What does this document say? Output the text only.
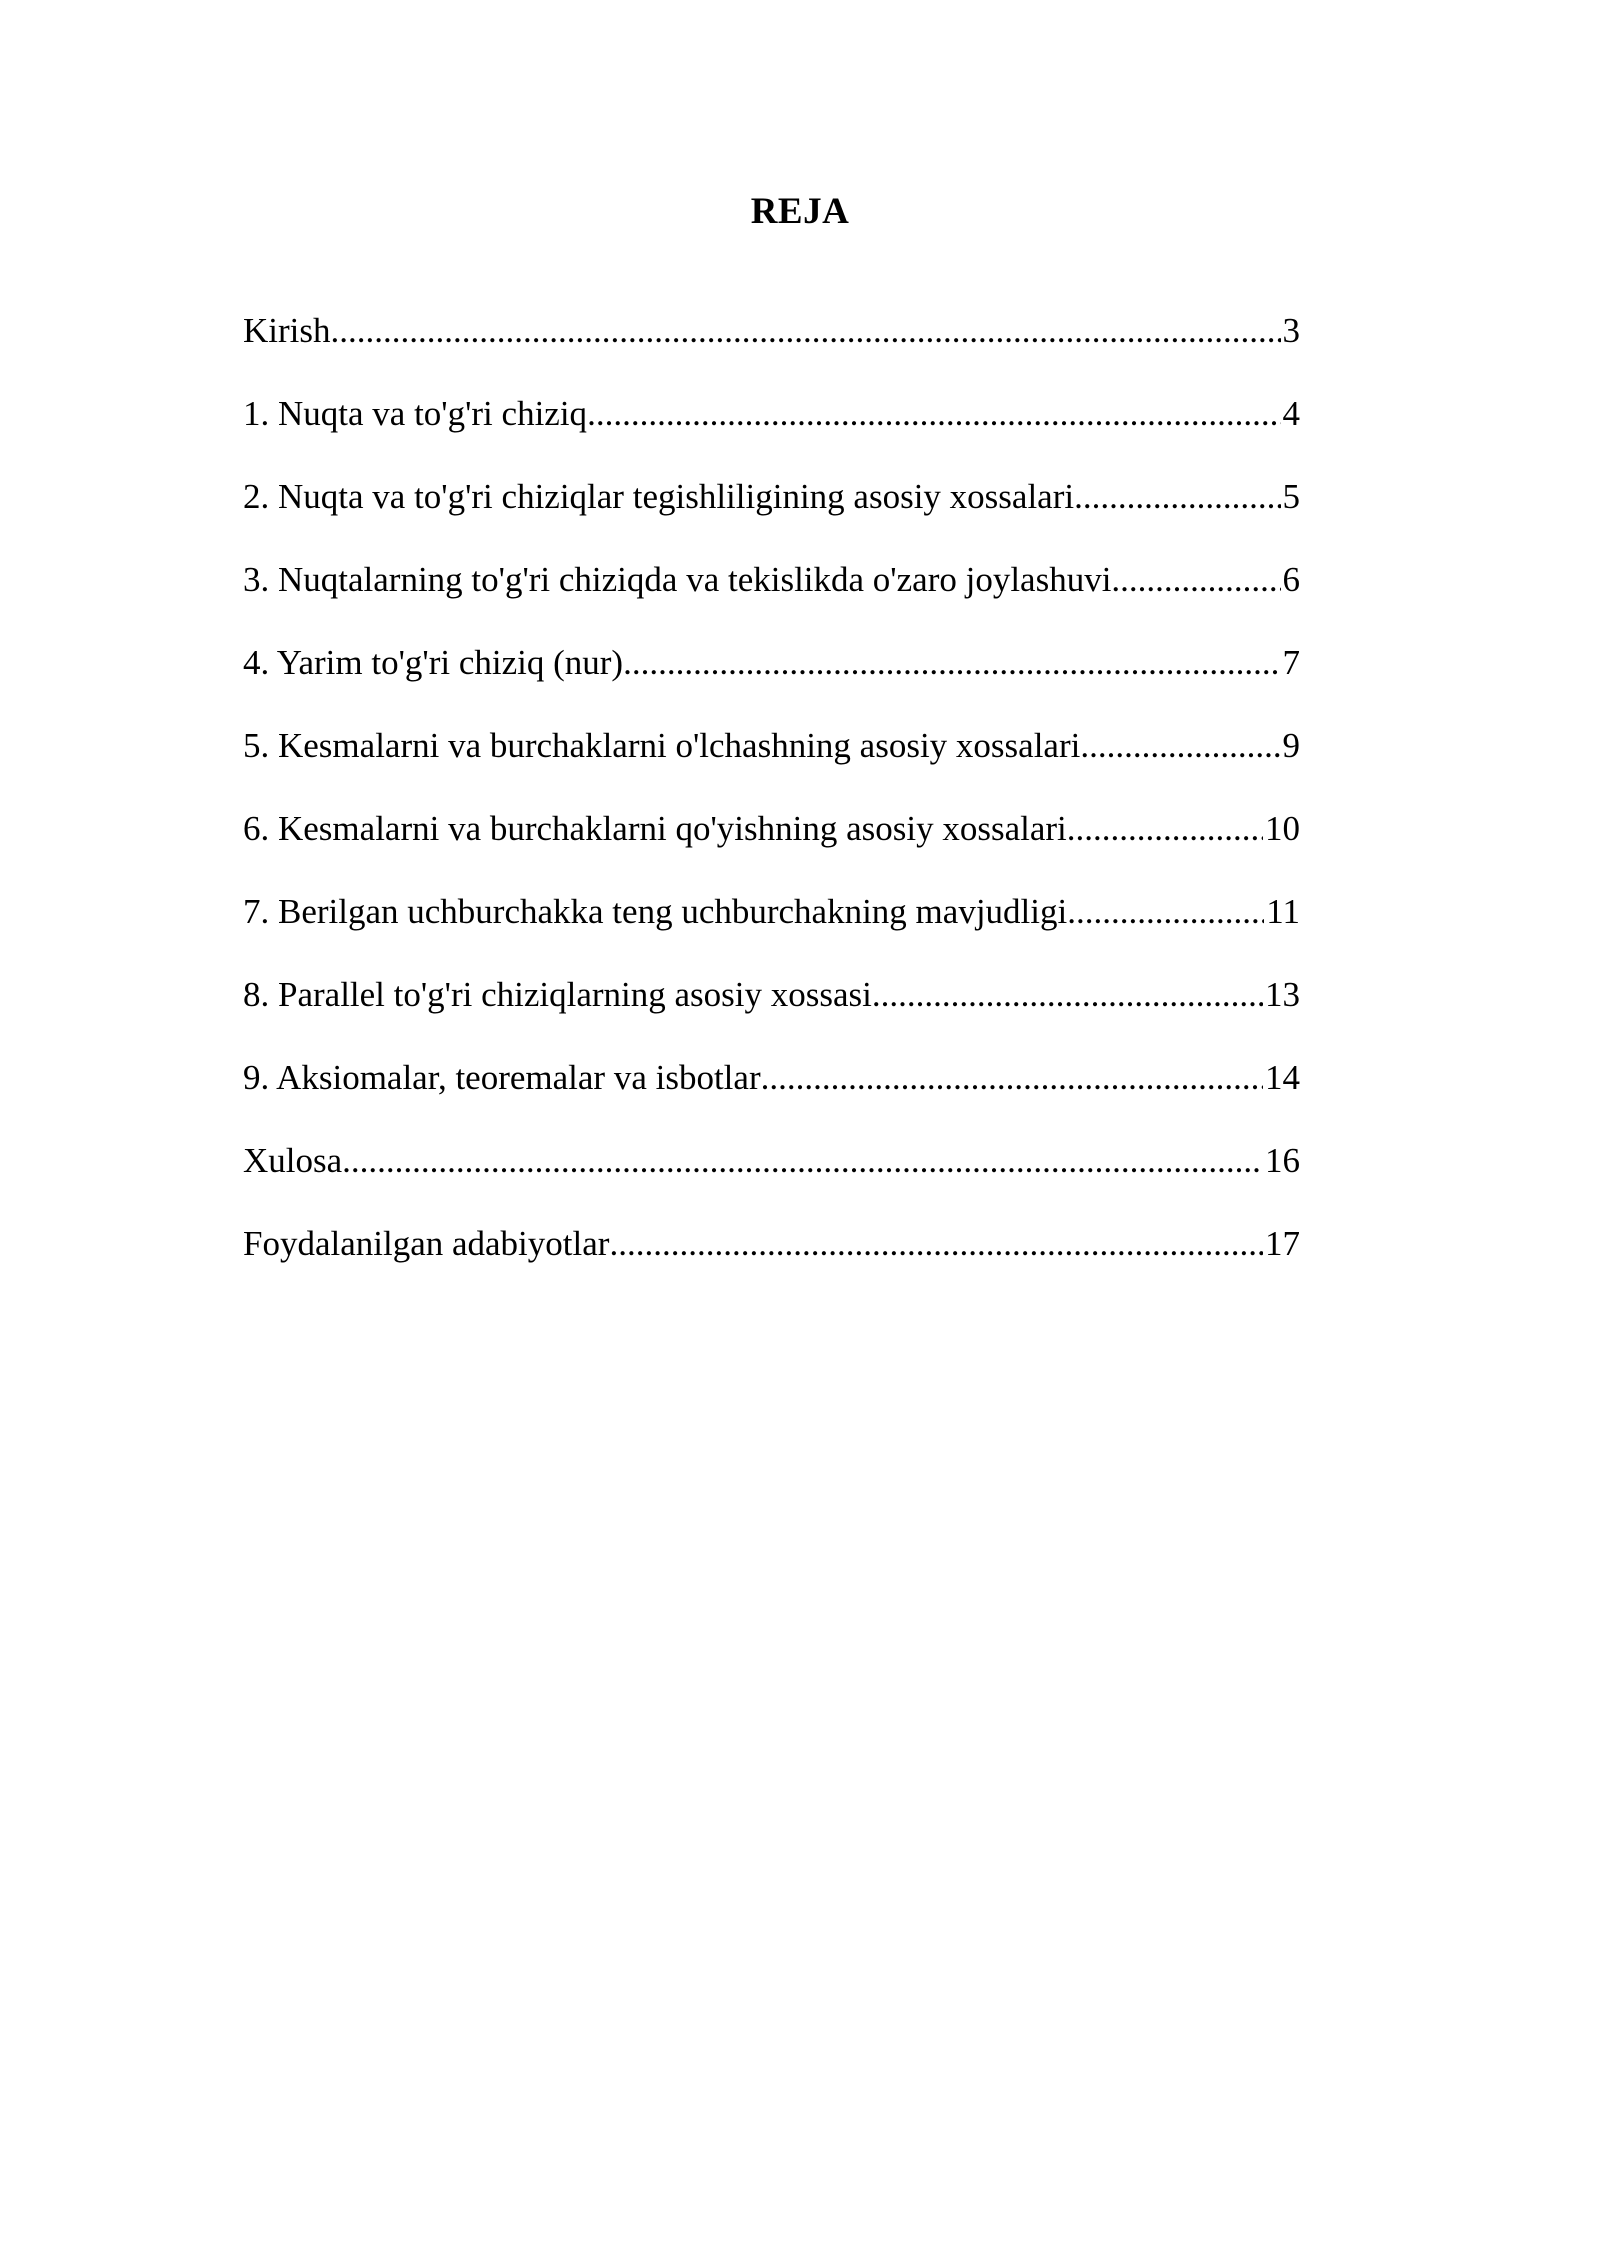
REJA
Kirish .....	3
1. Nuqta va to'g'ri chiziq .....	4
2. Nuqta va to'g'ri chiziqlar tegishliligining asosiy xossalari .....	5
3. Nuqtalarning to'g'ri chiziqda va tekislikda o'zaro joylashuvi .....	6
4. Yarim to'g'ri chiziq (nur) .....	7
5. Kesmalarni va burchaklarni o'lchashning asosiy xossalari .....	9
6. Kesmalarni va burchaklarni qo'yishning asosiy xossalari .....	10
7. Berilgan uchburchakka teng uchburchakning mavjudligi .....	11
8. Parallel to'g'ri chiziqlarning asosiy xossasi .....	13
9. Aksiomalar, teoremalar va isbotlar .....	14
Xulosa .....	16
Foydalanilgan adabiyotlar .....	17
